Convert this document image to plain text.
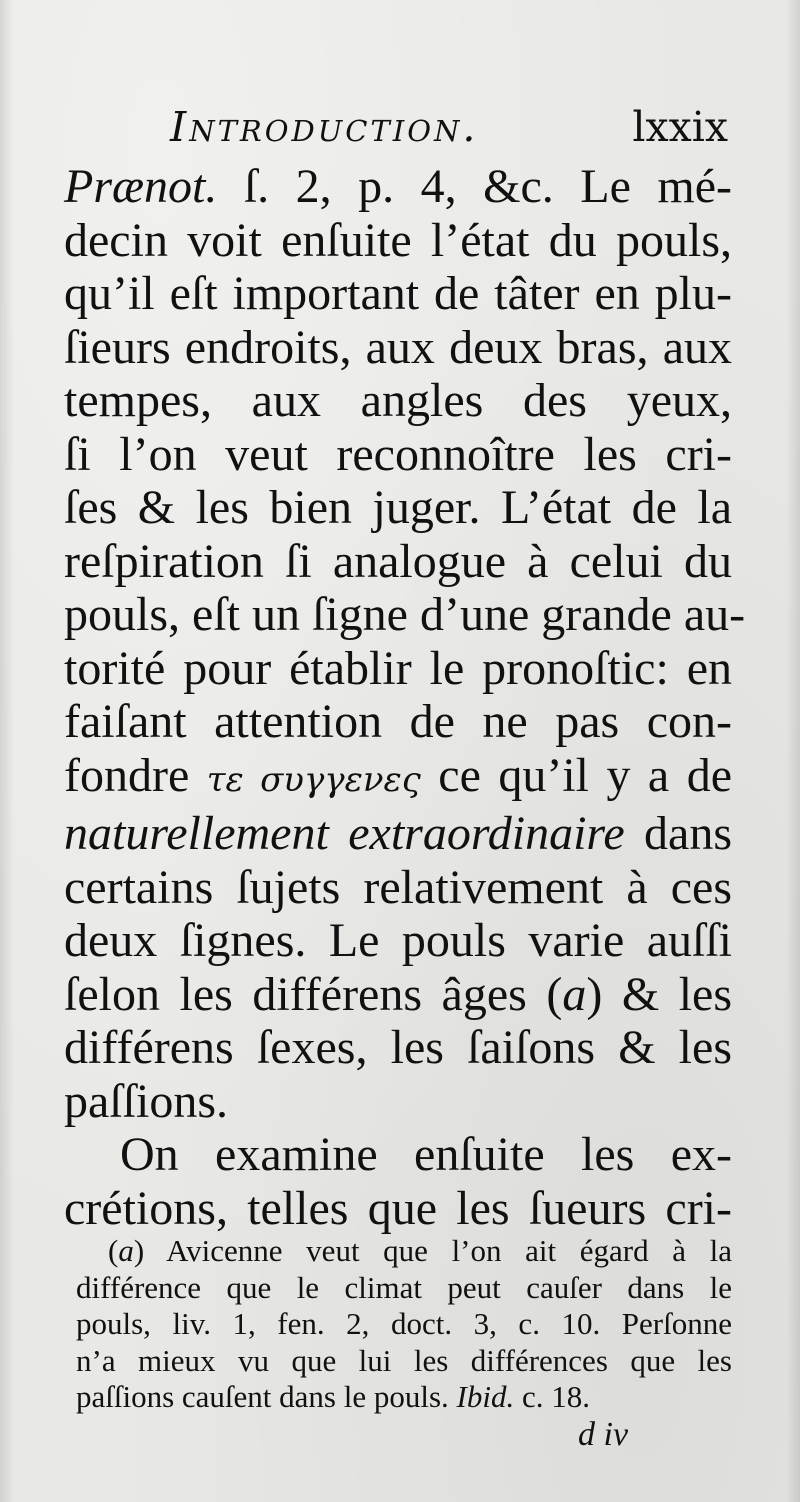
Introduction.	lxxix
Prænot. ſ. 2, p. 4, &c. Le mé-
decin voit enſuite l’état du pouls,
qu’il eſt important de tâter en plu-
ſieurs endroits, aux deux bras, aux
tempes, aux angles des yeux,
ſi l’on veut reconnoître les cri-
ſes & les bien juger. L’état de la
reſpiration ſi analogue à celui du
pouls, eſt un ſigne d’une grande au-
torité pour établir le pronoſtic: en
faiſant attention de ne pas con-
fondre τε συγγενες ce qu’il y a de
naturellement extraordinaire dans
certains ſujets relativement à ces
deux ſignes. Le pouls varie auſſi
ſelon les différens âges (a) & les
différens ſexes, les ſaiſons & les
paſſions.
On examine enſuite les ex-
crétions, telles que les ſueurs cri-
(a) Avicenne veut que l’on ait égard à la
différence que le climat peut cauſer dans le
pouls, liv. 1, fen. 2, doct. 3, c. 10. Perſonne
n’a mieux vu que lui les différences que les
paſſions cauſent dans le pouls. Ibid. c. 18.
d iv
